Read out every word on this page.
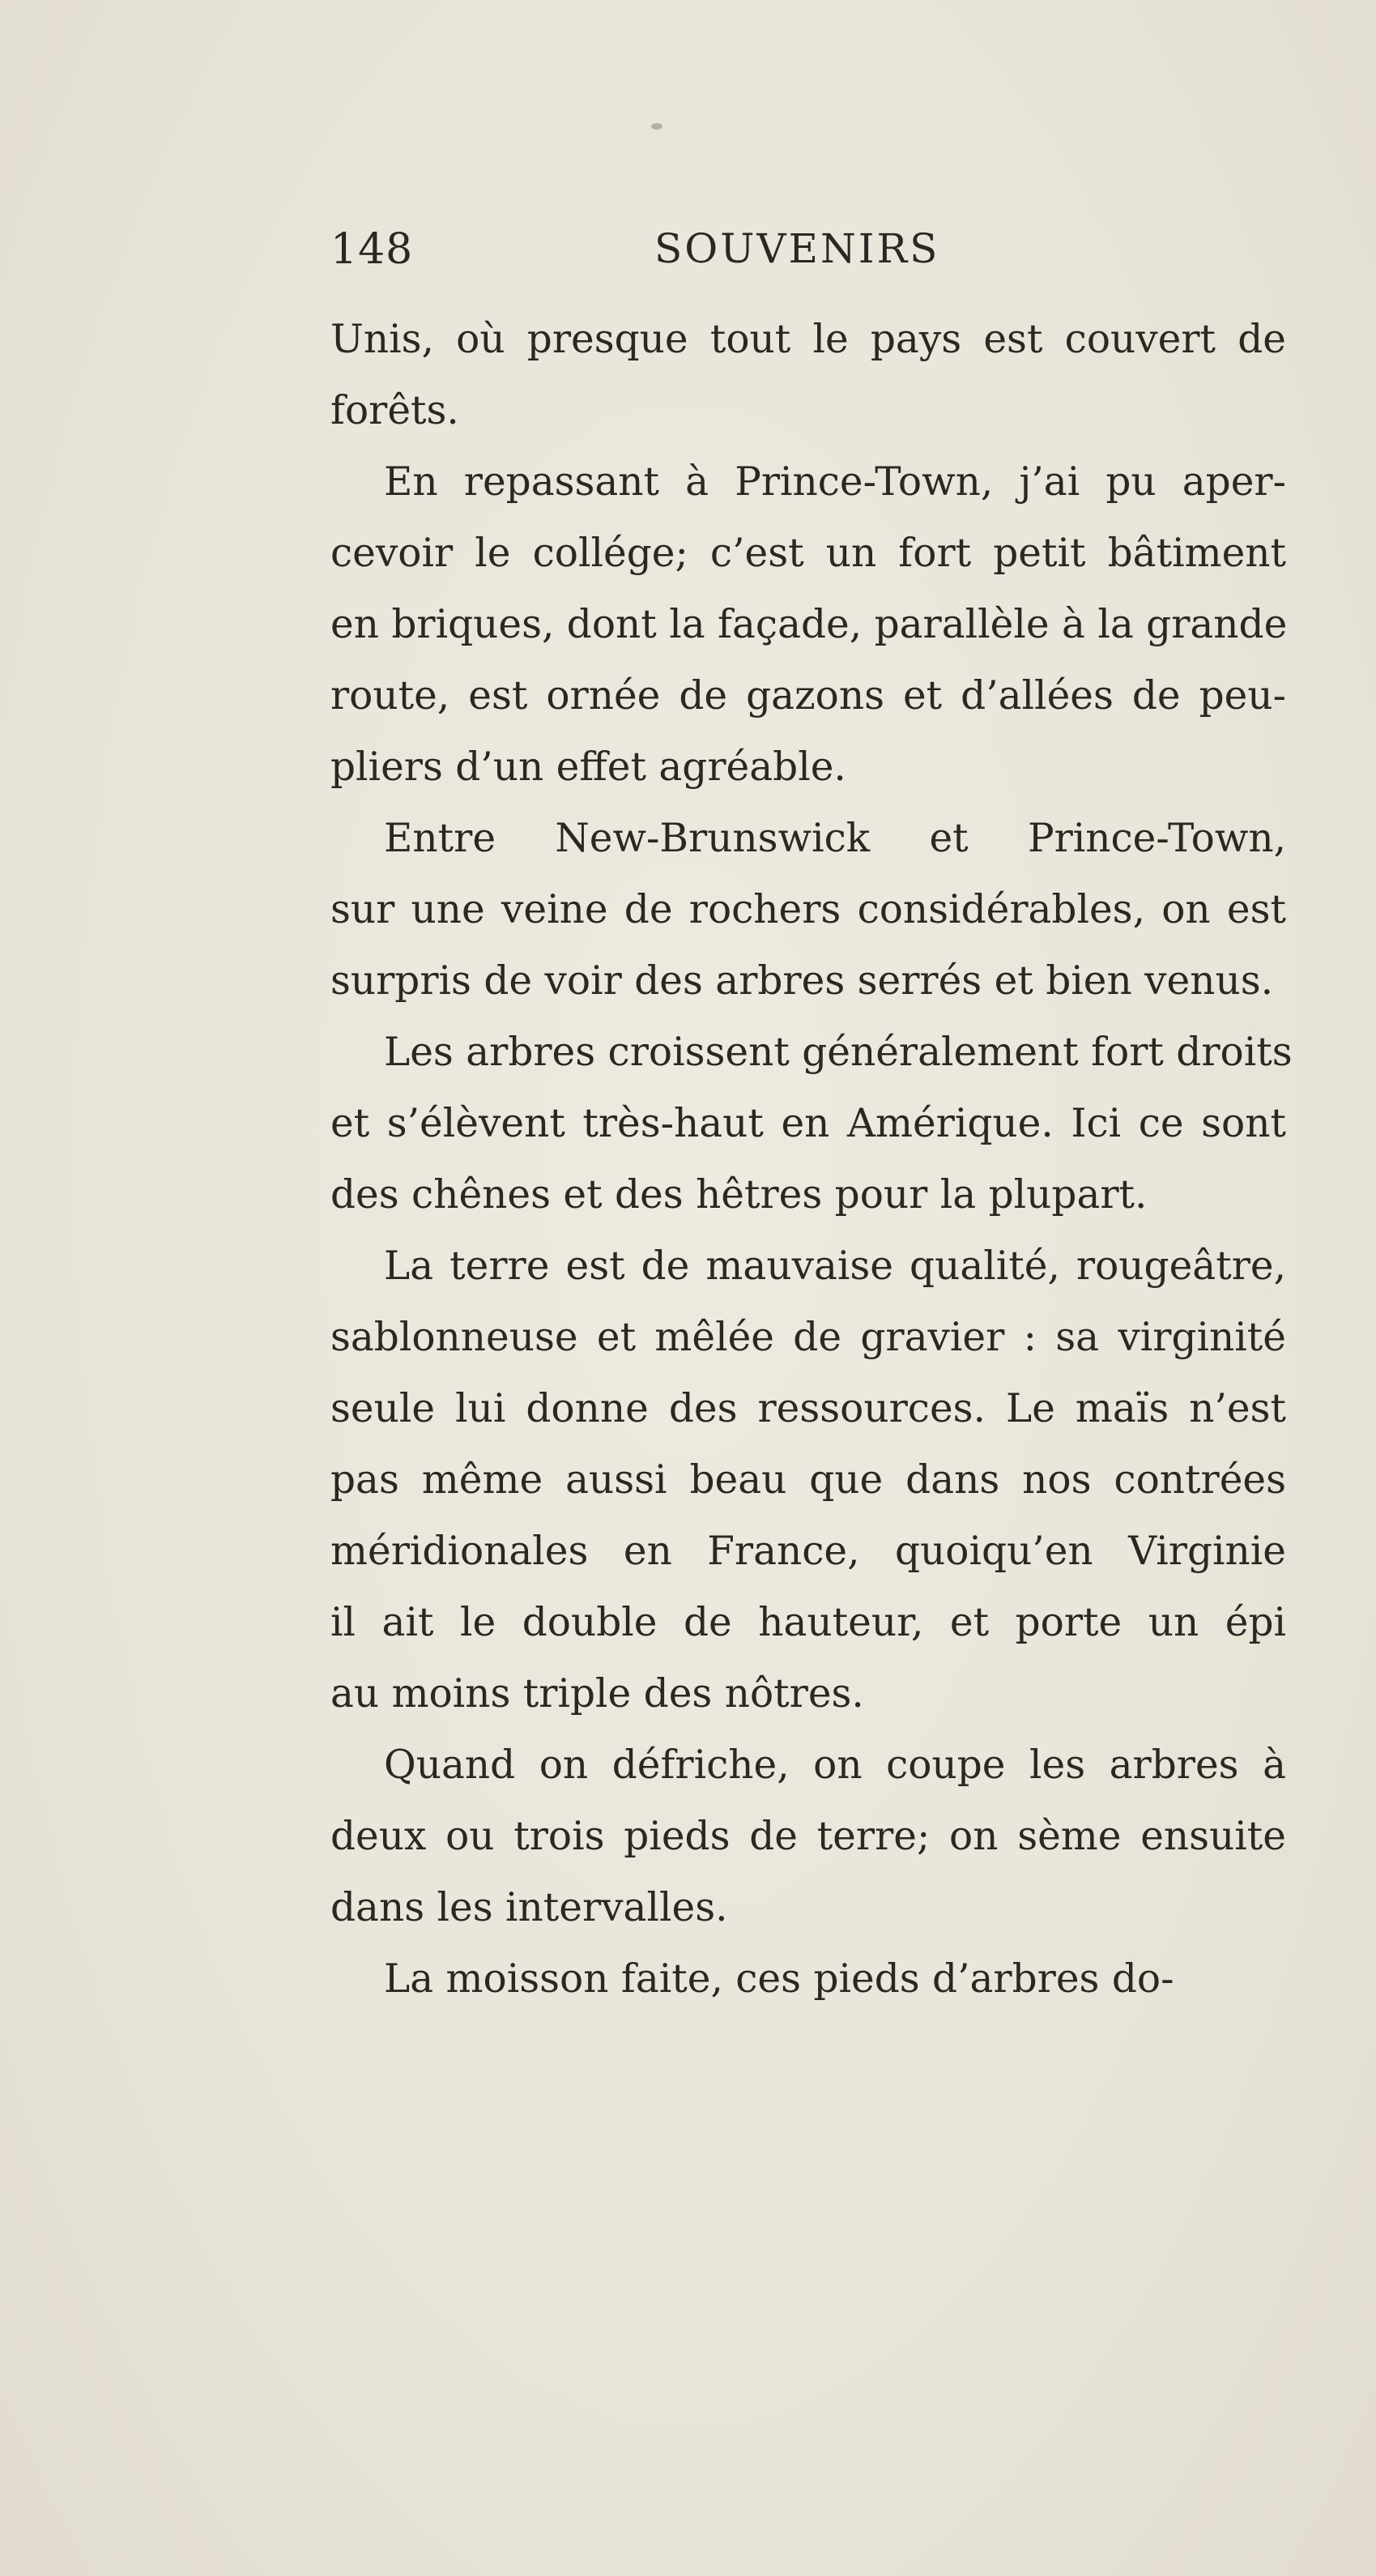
148	SOUVENIRS
Unis, où presque tout le pays est couvert de
forêts.
En repassant à Prince-Town, j’ai pu aper-
cevoir le collége; c’est un fort petit bâtiment
en briques, dont la façade, parallèle à la grande
route, est ornée de gazons et d’allées de peu-
pliers d’un effet agréable.
Entre New-Brunswick et Prince-Town,
sur une veine de rochers considérables, on est
surpris de voir des arbres serrés et bien venus.
Les arbres croissent généralement fort droits
et s’élèvent très-haut en Amérique. Ici ce sont
des chênes et des hêtres pour la plupart.
La terre est de mauvaise qualité, rougeâtre,
sablonneuse et mêlée de gravier : sa virginité
seule lui donne des ressources. Le maïs n’est
pas même aussi beau que dans nos contrées
méridionales en France, quoiqu’en Virginie
il ait le double de hauteur, et porte un épi
au moins triple des nôtres.
Quand on défriche, on coupe les arbres à
deux ou trois pieds de terre; on sème ensuite
dans les intervalles.
La moisson faite, ces pieds d’arbres do-
